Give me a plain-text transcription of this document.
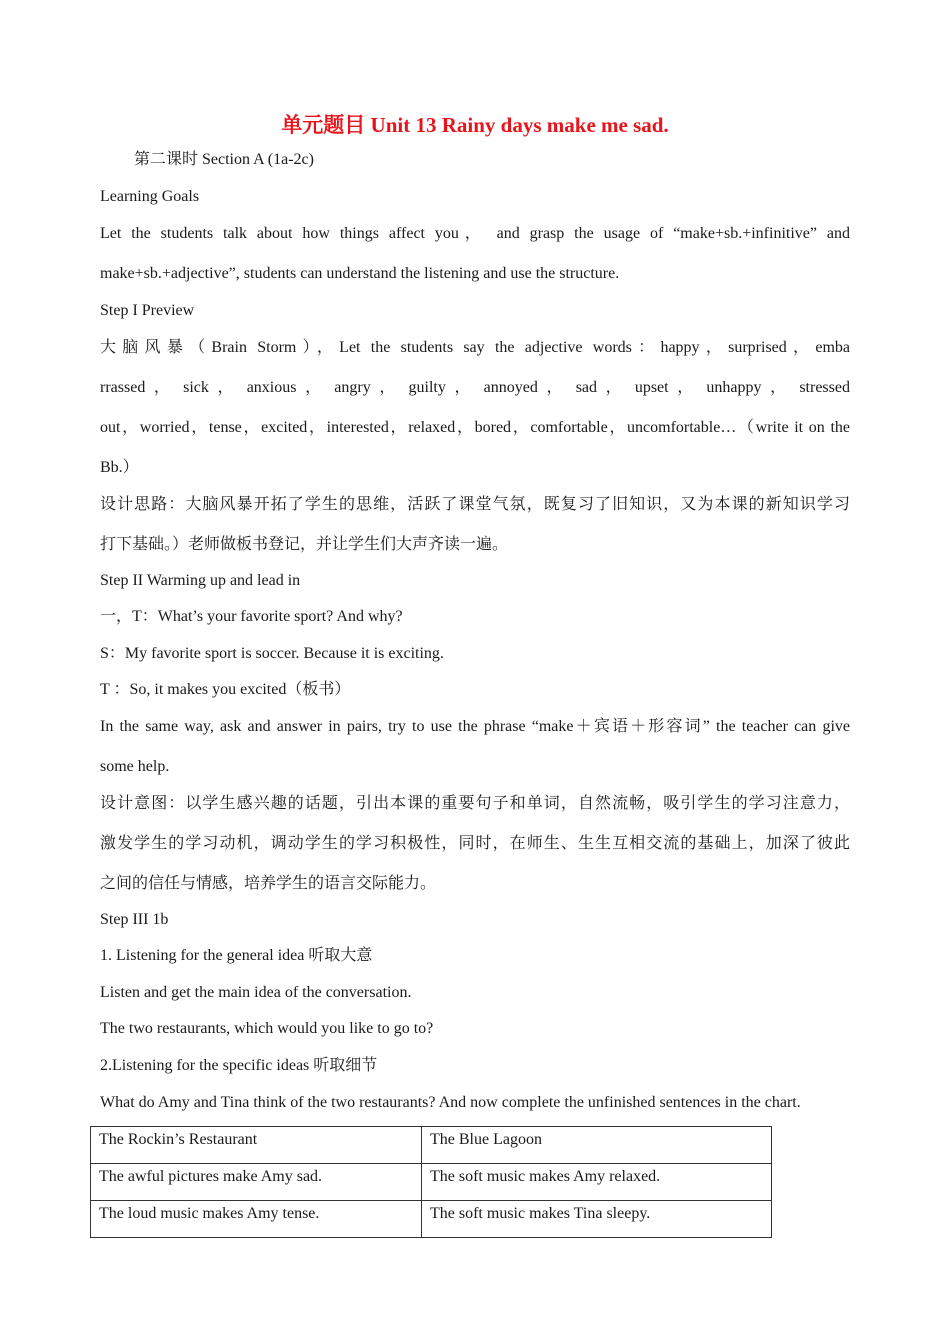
单元题目 Unit 13 Rainy days make me sad.
第二课时 Section A (1a-2c)
Learning Goals
Let the students talk about how things affect you， and grasp the usage of “make+sb.+infinitive” and
make+sb.+adjective”, students can understand the listening and use the structure.
Step I Preview
大脑风暴（Brain Storm），Let the students say the adjective words：happy，surprised，emba
rrassed ， sick ， anxious ， angry ， guilty ， annoyed ， sad ， upset ， unhappy ， stressed
out，worried，tense，excited，interested，relaxed，bored，comfortable，uncomfortable…（write it on the
Bb.）
设计思路：大脑风暴开拓了学生的思维，活跃了课堂气氛，既复习了旧知识，又为本课的新知识学习
打下基础。）老师做板书登记，并让学生们大声齐读一遍。
Step II Warming up and lead in
一，T：What’s your favorite sport? And why?
S：My favorite sport is soccer. Because it is exciting.
T ：So, it makes you excited（板书）
In the same way, ask and answer in pairs, try to use the phrase “make＋宾语＋形容词” the teacher can give
some help.
设计意图：以学生感兴趣的话题，引出本课的重要句子和单词，自然流畅，吸引学生的学习注意力，
激发学生的学习动机，调动学生的学习积极性，同时，在师生、生生互相交流的基础上，加深了彼此
之间的信任与情感，培养学生的语言交际能力。
Step III 1b
1. Listening for the general idea 听取大意
Listen and get the main idea of the conversation.
The two restaurants, which would you like to go to?
2.Listening for the specific ideas 听取细节
What do Amy and Tina think of the two restaurants? And now complete the unfinished sentences in the chart.
The Rockin’s Restaurant	The Blue Lagoon
The awful pictures make Amy sad.	The soft music makes Amy relaxed.
The loud music makes Amy tense.	The soft music makes Tina sleepy.
